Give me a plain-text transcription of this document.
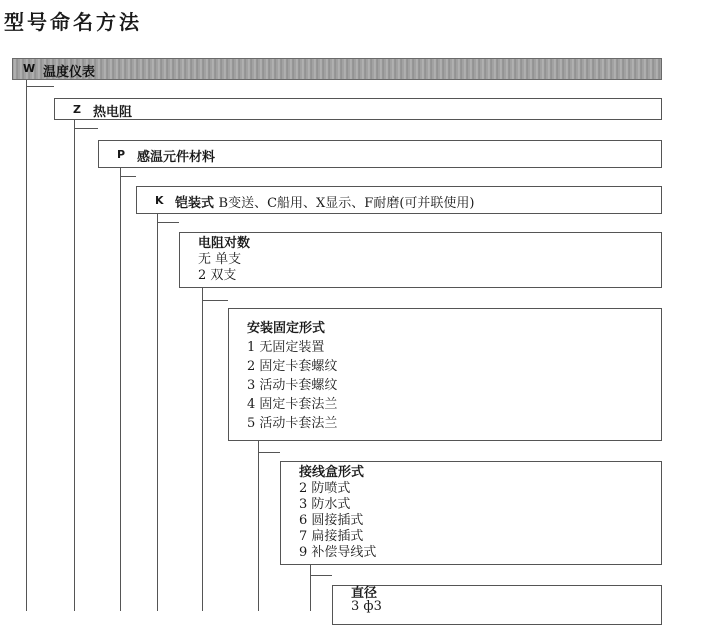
型号命名方法
W 温度仪表
Z 热电阻
P 感温元件材料
K 铠装式 B变送、C船用、X显示、F耐磨(可并联使用)
电阻对数
无 单支
2 双支
安装固定形式
1 无固定装置
2 固定卡套螺纹
3 活动卡套螺纹
4 固定卡套法兰
5 活动卡套法兰
接线盒形式
2 防喷式
3 防水式
6 圆接插式
7 扁接插式
9 补偿导线式
直径
3 ф3
